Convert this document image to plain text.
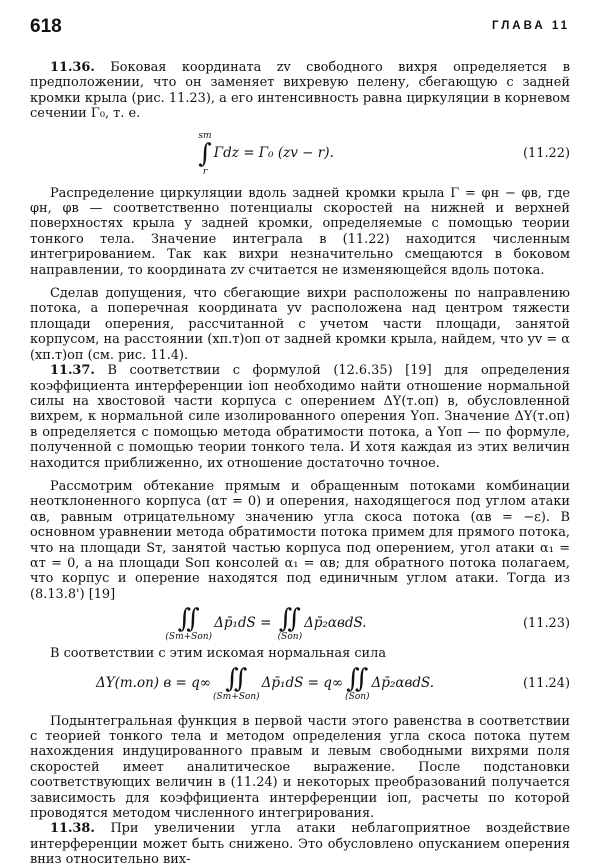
618	ГЛАВА 11

11.36. Боковая координата zv свободного вихря определяется в предположении, что он заменяет вихревую пелену, сбегающую с задней кромки крыла (рис. 11.23), а его интенсивность равна циркуляции в корневом сечении Γ₀, т. е.

sm
∫
r
Γdz
= Γ₀ (zv − r).	(11.22)

Распределение циркуляции вдоль задней кромки крыла Γ = φн − φв, где φн, φв — соответственно потенциалы скоростей на нижней и верхней поверхностях крыла у задней кромки, определяемые с помощью теории тонкого тела. Значение интеграла в (11.22) находится численным интегрированием. Так как вихри незначительно смещаются в боковом направлении, то координата zv считается не изменяющейся вдоль потока.

Сделав допущения, что сбегающие вихри расположены по направлению потока, а поперечная координата yv расположена над центром тяжести площади оперения, рассчитанной с учетом части площади, занятой корпусом, на расстоянии (xп.т)оп от задней кромки крыла, найдем, что yv = α (xп.т)оп (см. рис. 11.4).

11.37. В соответствии с формулой (12.6.35) [19] для определения коэффициента интерференции iоп необходимо найти отношение нормальной силы на хвостовой части корпуса с оперением ΔY(т.оп) в, обусловленной вихрем, к нормальной силе изолированного оперения Yоп. Значение ΔY(т.оп) в определяется с помощью метода обратимости потока, а Yоп — по формуле, полученной с помощью теории тонкого тела. И хотя каждая из этих величин находится приближенно, их отношение достаточно точное.

Рассмотрим обтекание прямым и обращенным потоками комбинации неотклоненного корпуса (αт = 0) и оперения, находящегося под углом атаки αв, равным отрицательному значению угла скоса потока (αв = −ε). В основном уравнении метода обратимости потока примем для прямого потока, что на площади Sт, занятой частью корпуса под оперением, угол атаки α₁ = αт = 0, а на площади Sоп консолей α₁ = αв; для обратного потока полагаем, что корпус и оперение находятся под единичным углом атаки. Тогда из (8.13.8') [19]

∬
(Sт+Sоп)
Δp̄₁dS =
∬
(Sоп)
Δp̄₂αвdS.	(11.23)

В соответствии с этим искомая нормальная сила

ΔY(т.оп) в = q∞ ∬
(Sт+Sоп)
Δp̄₁dS = q∞ ∬
(Sоп)
Δp̄₂αвdS.	(11.24)

Подынтегральная функция в первой части этого равенства в соответствии с теорией тонкого тела и методом определения угла скоса потока путем нахождения индуцированного правым и левым свободными вихрями поля скоростей имеет аналитическое выражение. После подстановки соответствующих величин в (11.24) и некоторых преобразований получается зависимость для коэффициента интерференции iоп, расчеты по которой проводятся методом численного интегрирования.

11.38. При увеличении угла атаки неблагоприятное воздействие интерференции может быть снижено. Это обусловлено опусканием оперения вниз относительно вих-
